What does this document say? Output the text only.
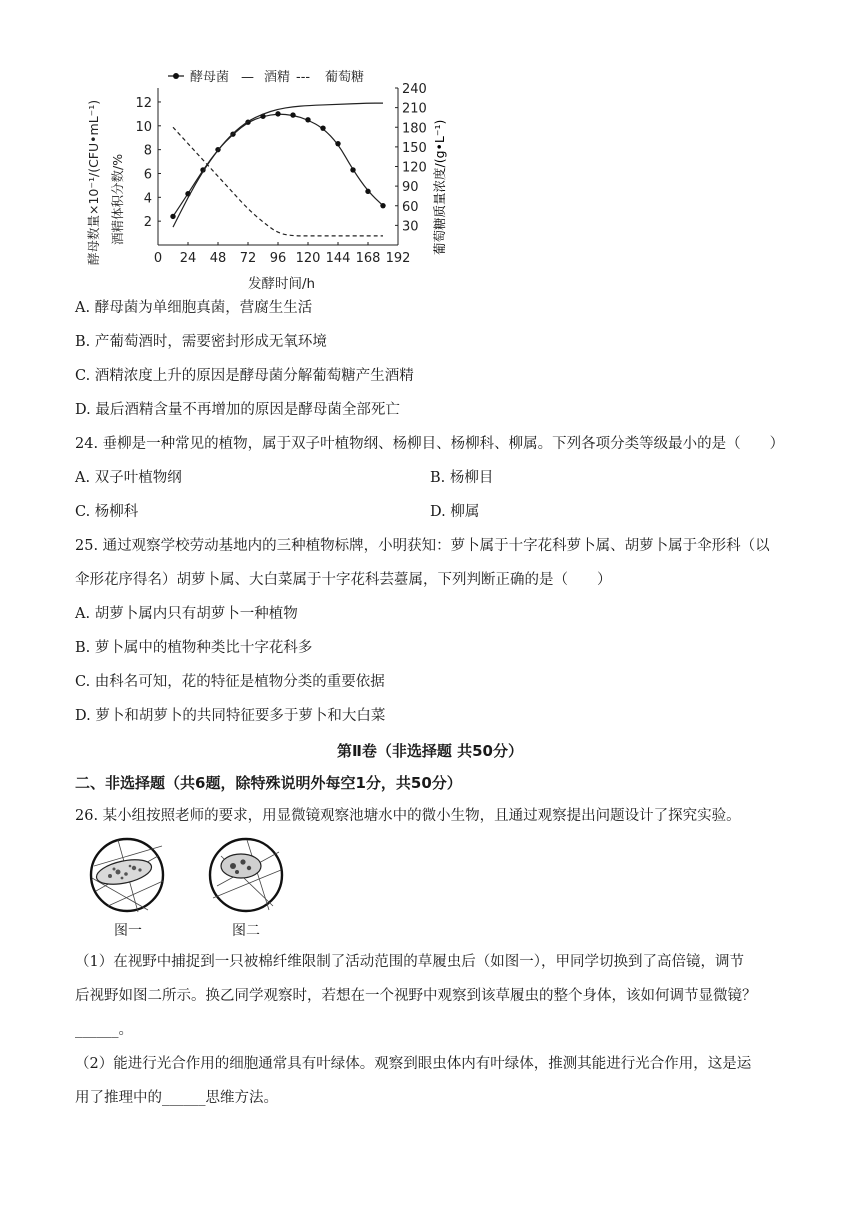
酵母菌 — 酒精 --- 葡萄糖
酵母数量×10⁻¹/(CFU•mL⁻¹) 酒精体积分数/%
发酵时间/h
0 24 48 72 96 120 144 168 192
2
4
6
8
10
12
30
60
90
120
150
180
210
240
葡萄糖质量浓度/(g•L⁻¹)
A. 酵母菌为单细胞真菌，营腐生生活
B. 产葡萄酒时，需要密封形成无氧环境
C. 酒精浓度上升的原因是酵母菌分解葡萄糖产生酒精
D. 最后酒精含量不再增加的原因是酵母菌全部死亡
24. 垂柳是一种常见的植物，属于双子叶植物纲、杨柳目、杨柳科、柳属。下列各项分类等级最小的是（　　）
A. 双子叶植物纲	B. 杨柳目
C. 杨柳科	D. 柳属
25. 通过观察学校劳动基地内的三种植物标牌，小明获知：萝卜属于十字花科萝卜属、胡萝卜属于伞形科（以
伞形花序得名）胡萝卜属、大白菜属于十字花科芸薹属，下列判断正确的是（　　）
A. 胡萝卜属内只有胡萝卜一种植物
B. 萝卜属中的植物种类比十字花科多
C. 由科名可知，花的特征是植物分类的重要依据
D. 萝卜和胡萝卜的共同特征要多于萝卜和大白菜
第Ⅱ卷（非选择题 共50分）
二、非选择题（共6题，除特殊说明外每空1分，共50分）
26. 某小组按照老师的要求，用显微镜观察池塘水中的微小生物，且通过观察提出问题设计了探究实验。
图一	图二
（1）在视野中捕捉到一只被棉纤维限制了活动范围的草履虫后（如图一），甲同学切换到了高倍镜，调节
后视野如图二所示。换乙同学观察时，若想在一个视野中观察到该草履虫的整个身体，该如何调节显微镜？
______。
（2）能进行光合作用的细胞通常具有叶绿体。观察到眼虫体内有叶绿体，推测其能进行光合作用，这是运
用了推理中的______思维方法。
